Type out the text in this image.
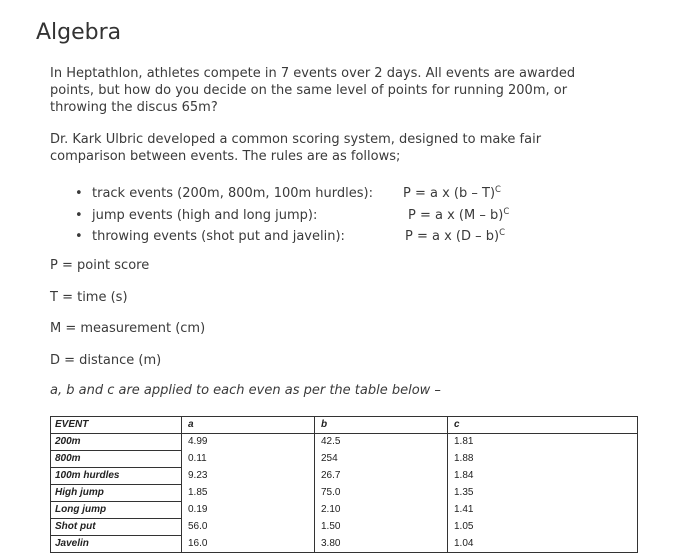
Algebra
In Heptathlon, athletes compete in 7 events over 2 days. All events are awarded points, but how do you decide on the same level of points for running 200m, or throwing the discus 65m?
Dr. Kark Ulbric developed a common scoring system, designed to make fair comparison between events. The rules are as follows;
• track events (200m, 800m, 100m hurdles): P = a x (b – T)$^C$
• jump events (high and long jump):	P = a x (M – b)$^C$
• throwing events (shot put and javelin):	P = a x (D – b)$^C$
P = point score
T = time (s)
M = measurement (cm)
D = distance (m)
a, b and c are applied to each even as per the table below –
EVENT	a	b	c
200m	4.99	42.5	1.81
800m	0.11	254	1.88
100m hurdles	9.23	26.7	1.84
High jump	1.85	75.0	1.35
Long jump	0.19	2.10	1.41
Shot put	56.0	1.50	1.05
Javelin	16.0	3.80	1.04
